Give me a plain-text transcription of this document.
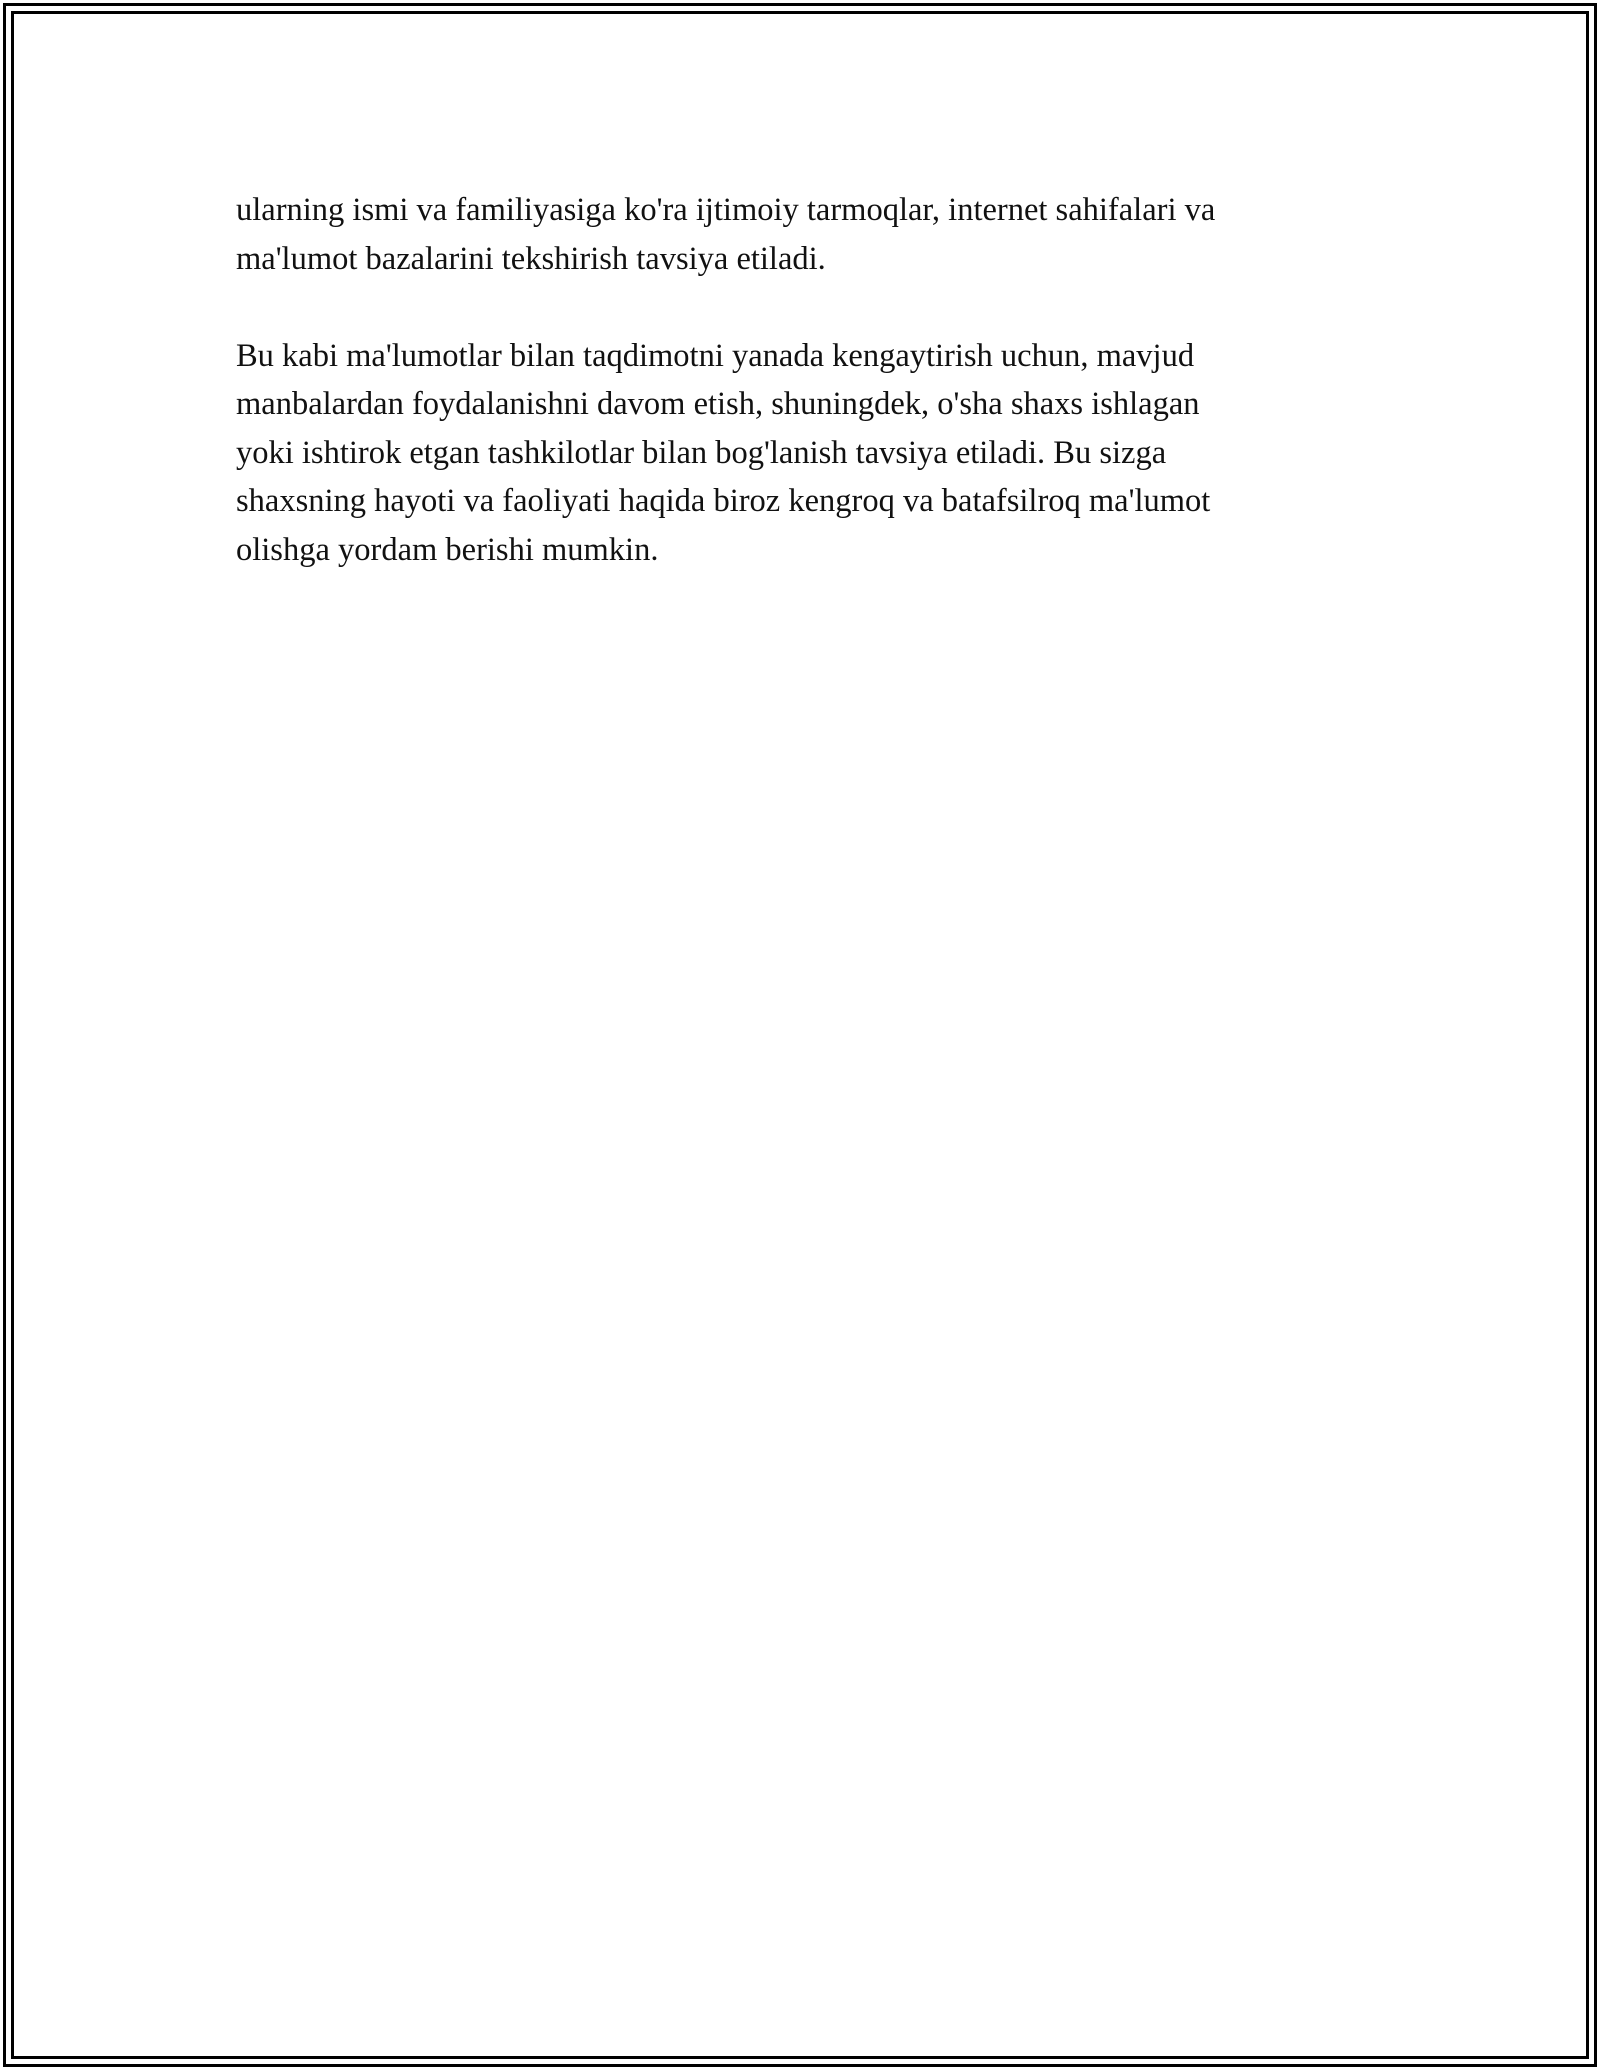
ularning ismi va familiyasiga ko'ra ijtimoiy tarmoqlar, internet sahifalari va
ma'lumot bazalarini tekshirish tavsiya etiladi.

Bu kabi ma'lumotlar bilan taqdimotni yanada kengaytirish uchun, mavjud
manbalardan foydalanishni davom etish, shuningdek, o'sha shaxs ishlagan
yoki ishtirok etgan tashkilotlar bilan bog'lanish tavsiya etiladi. Bu sizga
shaxsning hayoti va faoliyati haqida biroz kengroq va batafsilroq ma'lumot
olishga yordam berishi mumkin.
